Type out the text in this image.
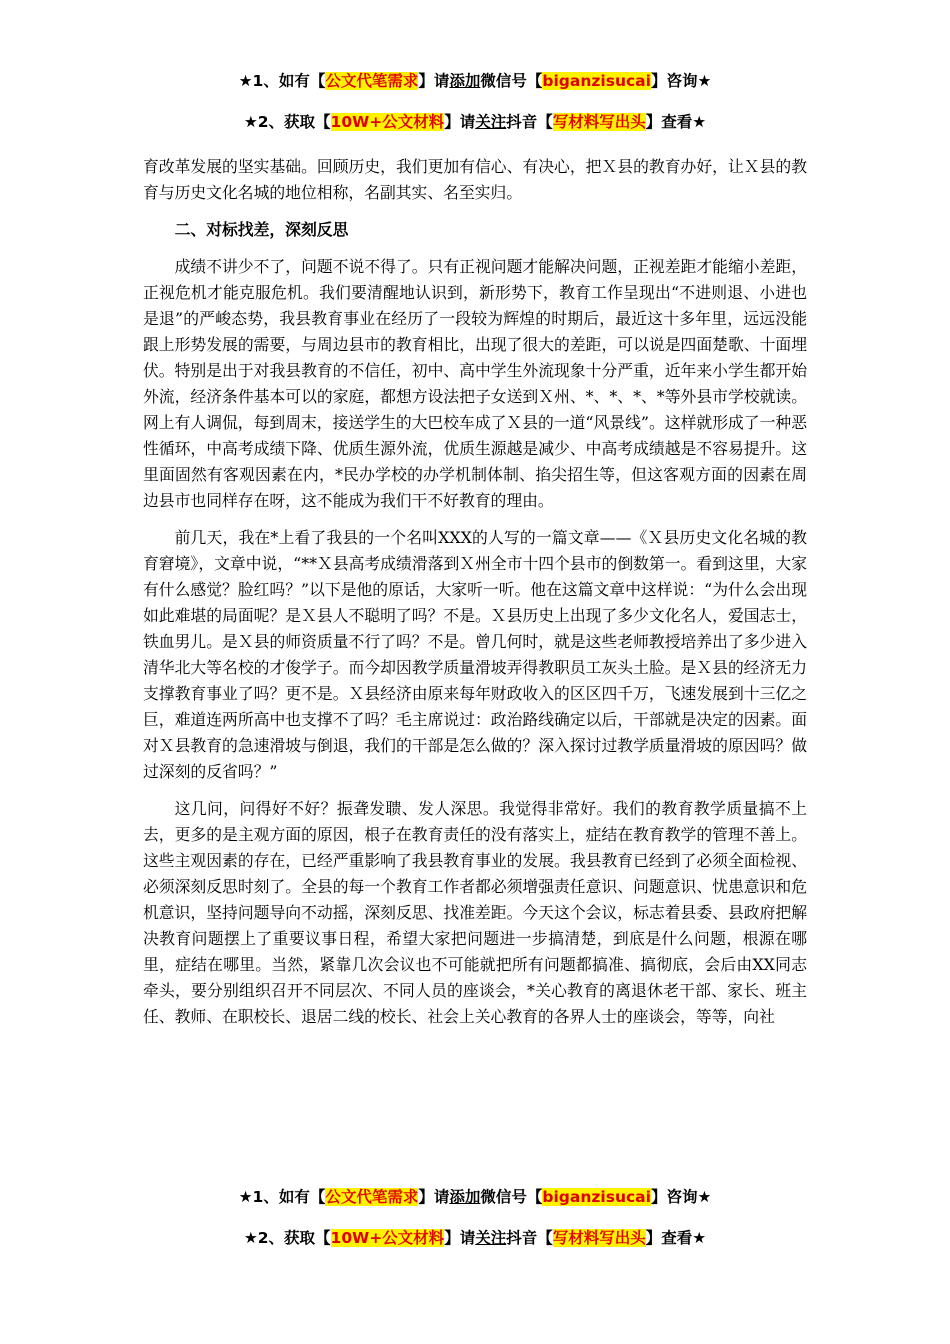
★1、如有【公文代笔需求】请添加微信号【biganzisucai】咨询★
★2、获取【10W+公文材料】请关注抖音【写材料写出头】查看★

育改革发展的坚实基础。回顾历史，我们更加有信心、有决心，把Ｘ县的教育办好，让Ｘ县的教育与历史文化名城的地位相称，名副其实、名至实归。

二、对标找差，深刻反思

成绩不讲少不了，问题不说不得了。只有正视问题才能解决问题，正视差距才能缩小差距，正视危机才能克服危机。我们要清醒地认识到，新形势下，教育工作呈现出“不进则退、小进也是退”的严峻态势，我县教育事业在经历了一段较为辉煌的时期后，最近这十多年里，远远没能跟上形势发展的需要，与周边县市的教育相比，出现了很大的差距，可以说是四面楚歌、十面埋伏。特别是出于对我县教育的不信任，初中、高中学生外流现象十分严重，近年来小学生都开始外流，经济条件基本可以的家庭，都想方设法把子女送到Ｘ州、*、*、*、*等外县市学校就读。网上有人调侃，每到周末，接送学生的大巴校车成了Ｘ县的一道“风景线”。这样就形成了一种恶性循环，中高考成绩下降、优质生源外流，优质生源越是减少、中高考成绩越是不容易提升。这里面固然有客观因素在内，*民办学校的办学机制体制、掐尖招生等，但这客观方面的因素在周边县市也同样存在呀，这不能成为我们干不好教育的理由。

前几天，我在*上看了我县的一个名叫XXX的人写的一篇文章——《Ｘ县历史文化名城的教育窘境》，文章中说，“**Ｘ县高考成绩滑落到Ｘ州全市十四个县市的倒数第一。看到这里，大家有什么感觉？脸红吗？”以下是他的原话，大家听一听。他在这篇文章中这样说：“为什么会出现如此难堪的局面呢？是Ｘ县人不聪明了吗？不是。Ｘ县历史上出现了多少文化名人，爱国志士，铁血男儿。是Ｘ县的师资质量不行了吗？不是。曾几何时，就是这些老师教授培养出了多少进入清华北大等名校的才俊学子。而今却因教学质量滑坡弄得教职员工灰头土脸。是Ｘ县的经济无力支撑教育事业了吗？更不是。Ｘ县经济由原来每年财政收入的区区四千万，飞速发展到十三亿之巨，难道连两所高中也支撑不了吗？毛主席说过：政治路线确定以后，干部就是决定的因素。面对Ｘ县教育的急速滑坡与倒退，我们的干部是怎么做的？深入探讨过教学质量滑坡的原因吗？做过深刻的反省吗？”

这几问，问得好不好？振聋发聩、发人深思。我觉得非常好。我们的教育教学质量搞不上去，更多的是主观方面的原因，根子在教育责任的没有落实上，症结在教育教学的管理不善上。这些主观因素的存在，已经严重影响了我县教育事业的发展。我县教育已经到了必须全面检视、必须深刻反思时刻了。全县的每一个教育工作者都必须增强责任意识、问题意识、忧患意识和危机意识，坚持问题导向不动摇，深刻反思、找准差距。今天这个会议，标志着县委、县政府把解决教育问题摆上了重要议事日程，希望大家把问题进一步搞清楚，到底是什么问题，根源在哪里，症结在哪里。当然，紧靠几次会议也不可能就把所有问题都搞准、搞彻底，会后由XX同志牵头，要分别组织召开不同层次、不同人员的座谈会，*关心教育的离退休老干部、家长、班主任、教师、在职校长、退居二线的校长、社会上关心教育的各界人士的座谈会，等等，向社

★1、如有【公文代笔需求】请添加微信号【biganzisucai】咨询★
★2、获取【10W+公文材料】请关注抖音【写材料写出头】查看★
